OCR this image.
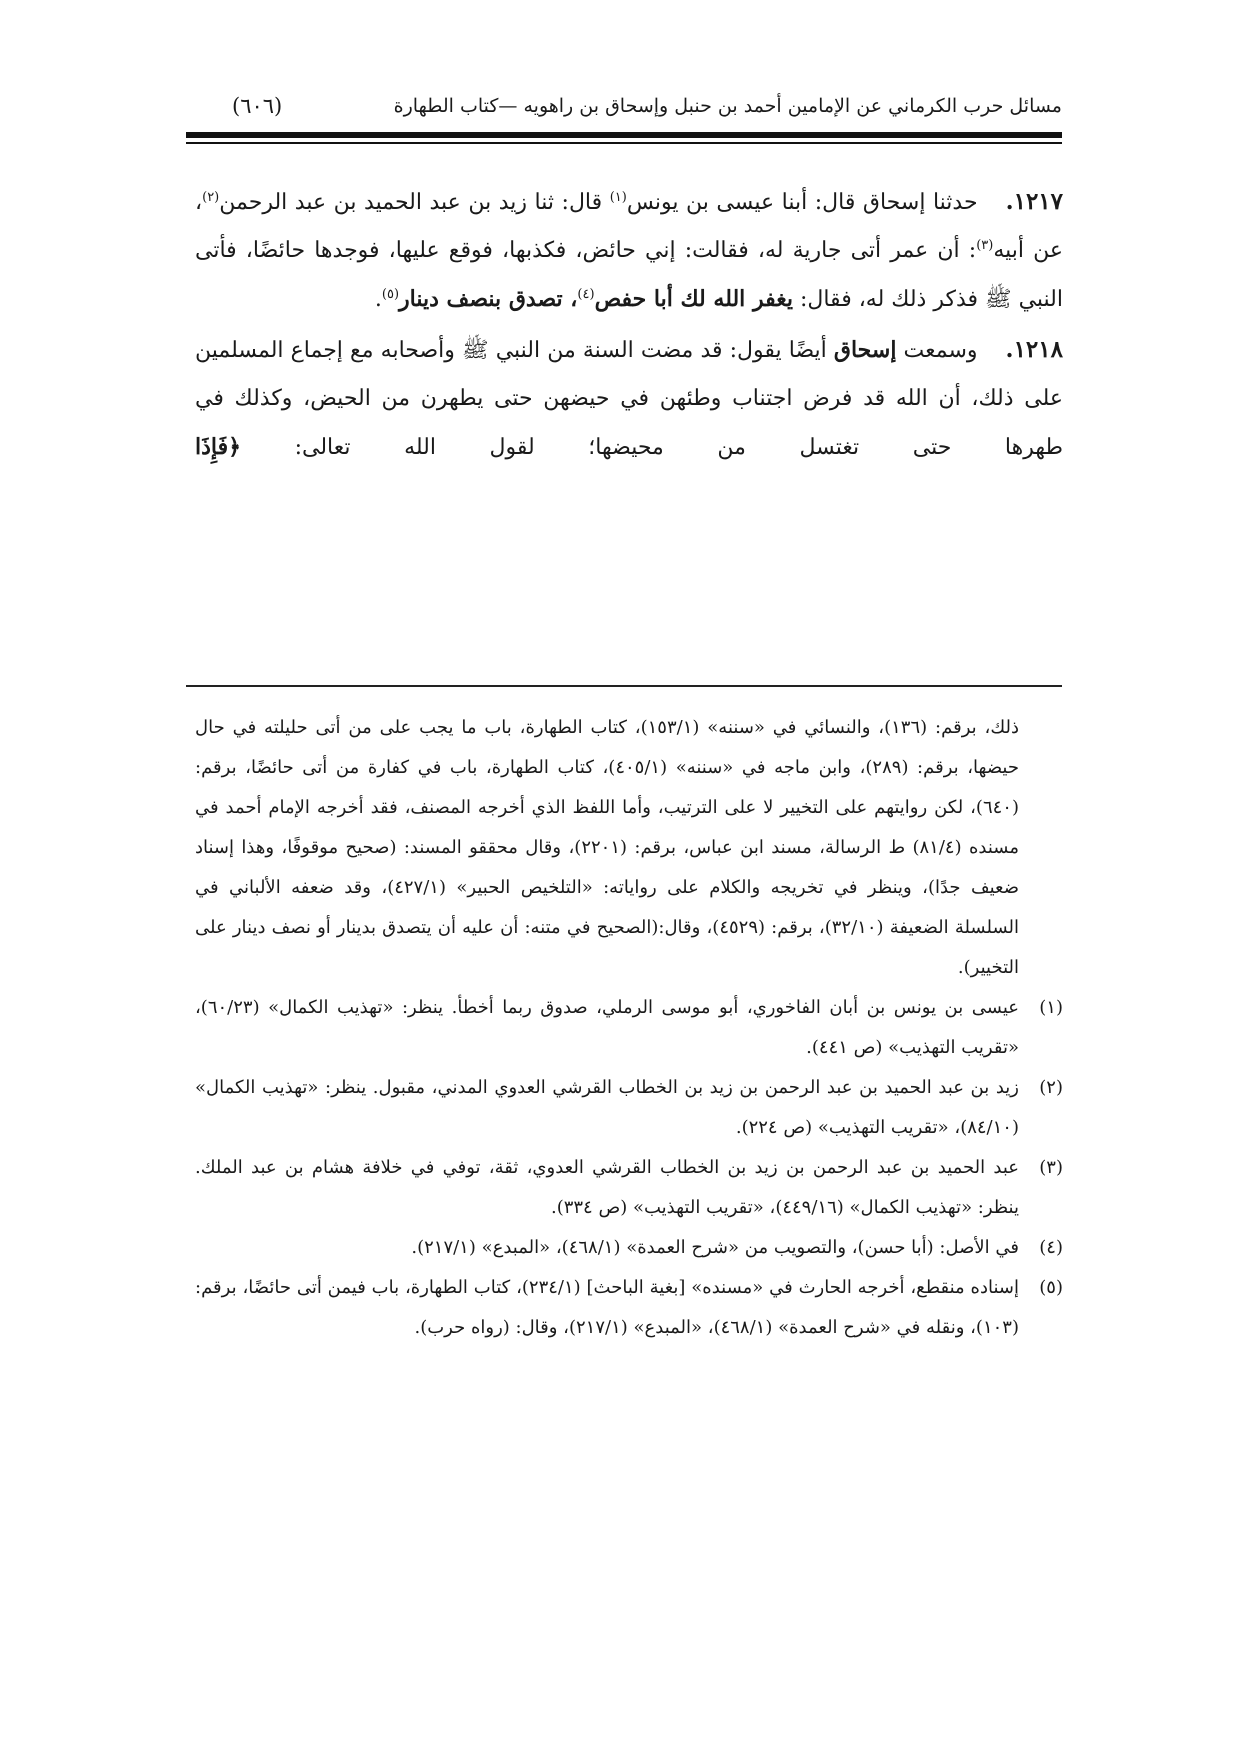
مسائل حرب الكرماني عن الإمامين أحمد بن حنبل وإسحاق بن راهويه —كتاب الطهارة
(٦٠٦)

١٢١٧.حدثنا إسحاق قال: أبنا عيسى بن يونس$^{(١)}$ قال: ثنا زيد بن عبد الحميد بن عبد الرحمن$^{(٢)}$، عن أبيه$^{(٣)}$: أن عمر أتى جارية له، فقالت: إني حائض، فكذبها، فوقع عليها، فوجدها حائضًا، فأتى النبي ﷺ فذكر ذلك له، فقال: يغفر الله لك أبا حفص$^{(٤)}$، تصدق بنصف دينار$^{(٥)}$.

١٢١٨.وسمعت إسحاق أيضًا يقول: قد مضت السنة من النبي ﷺ وأصحابه مع إجماع المسلمين على ذلك، أن الله قد فرض اجتناب وطئهن في حيضهن حتى يطهرن من الحيض، وكذلك في طهرها حتى تغتسل من محيضها؛ لقول الله تعالى: ﴿فَإِذَا

ذلك، برقم: (١٣٦)، والنسائي في «سننه» (١٥٣/١)، كتاب الطهارة، باب ما يجب على من أتى حليلته في حال حيضها، برقم: (٢٨٩)، وابن ماجه في «سننه» (٤٠٥/١)، كتاب الطهارة، باب في كفارة من أتى حائضًا، برقم: (٦٤٠)، لكن روايتهم على التخيير لا على الترتيب، وأما اللفظ الذي أخرجه المصنف، فقد أخرجه الإمام أحمد في مسنده (٨١/٤) ط الرسالة، مسند ابن عباس، برقم: (٢٢٠١)، وقال محققو المسند: (صحيح موقوفًا، وهذا إسناد ضعيف جدًا)، وينظر في تخريجه والكلام على رواياته: «التلخيص الحبير» (٤٢٧/١)، وقد ضعفه الألباني في السلسلة الضعيفة (٣٢/١٠)، برقم: (٤٥٢٩)، وقال:(الصحيح في متنه: أن عليه أن يتصدق بدينار أو نصف دينار على التخيير).

(١)عيسى بن يونس بن أبان الفاخوري، أبو موسى الرملي، صدوق ربما أخطأ. ينظر: «تهذيب الكمال» (٦٠/٢٣)، «تقريب التهذيب» (ص ٤٤١).

(٢)زيد بن عبد الحميد بن عبد الرحمن بن زيد بن الخطاب القرشي العدوي المدني، مقبول. ينظر: «تهذيب الكمال» (٨٤/١٠)، «تقريب التهذيب» (ص ٢٢٤).

(٣)عبد الحميد بن عبد الرحمن بن زيد بن الخطاب القرشي العدوي، ثقة، توفي في خلافة هشام بن عبد الملك. ينظر: «تهذيب الكمال» (٤٤٩/١٦)، «تقريب التهذيب» (ص ٣٣٤).

(٤)في الأصل: (أبا حسن)، والتصويب من «شرح العمدة» (٤٦٨/١)، «المبدع» (٢١٧/١).

(٥)إسناده منقطع، أخرجه الحارث في «مسنده» [بغية الباحث] (٢٣٤/١)، كتاب الطهارة، باب فيمن أتى حائضًا، برقم: (١٠٣)، ونقله في «شرح العمدة» (٤٦٨/١)، «المبدع» (٢١٧/١)، وقال: (رواه حرب).
